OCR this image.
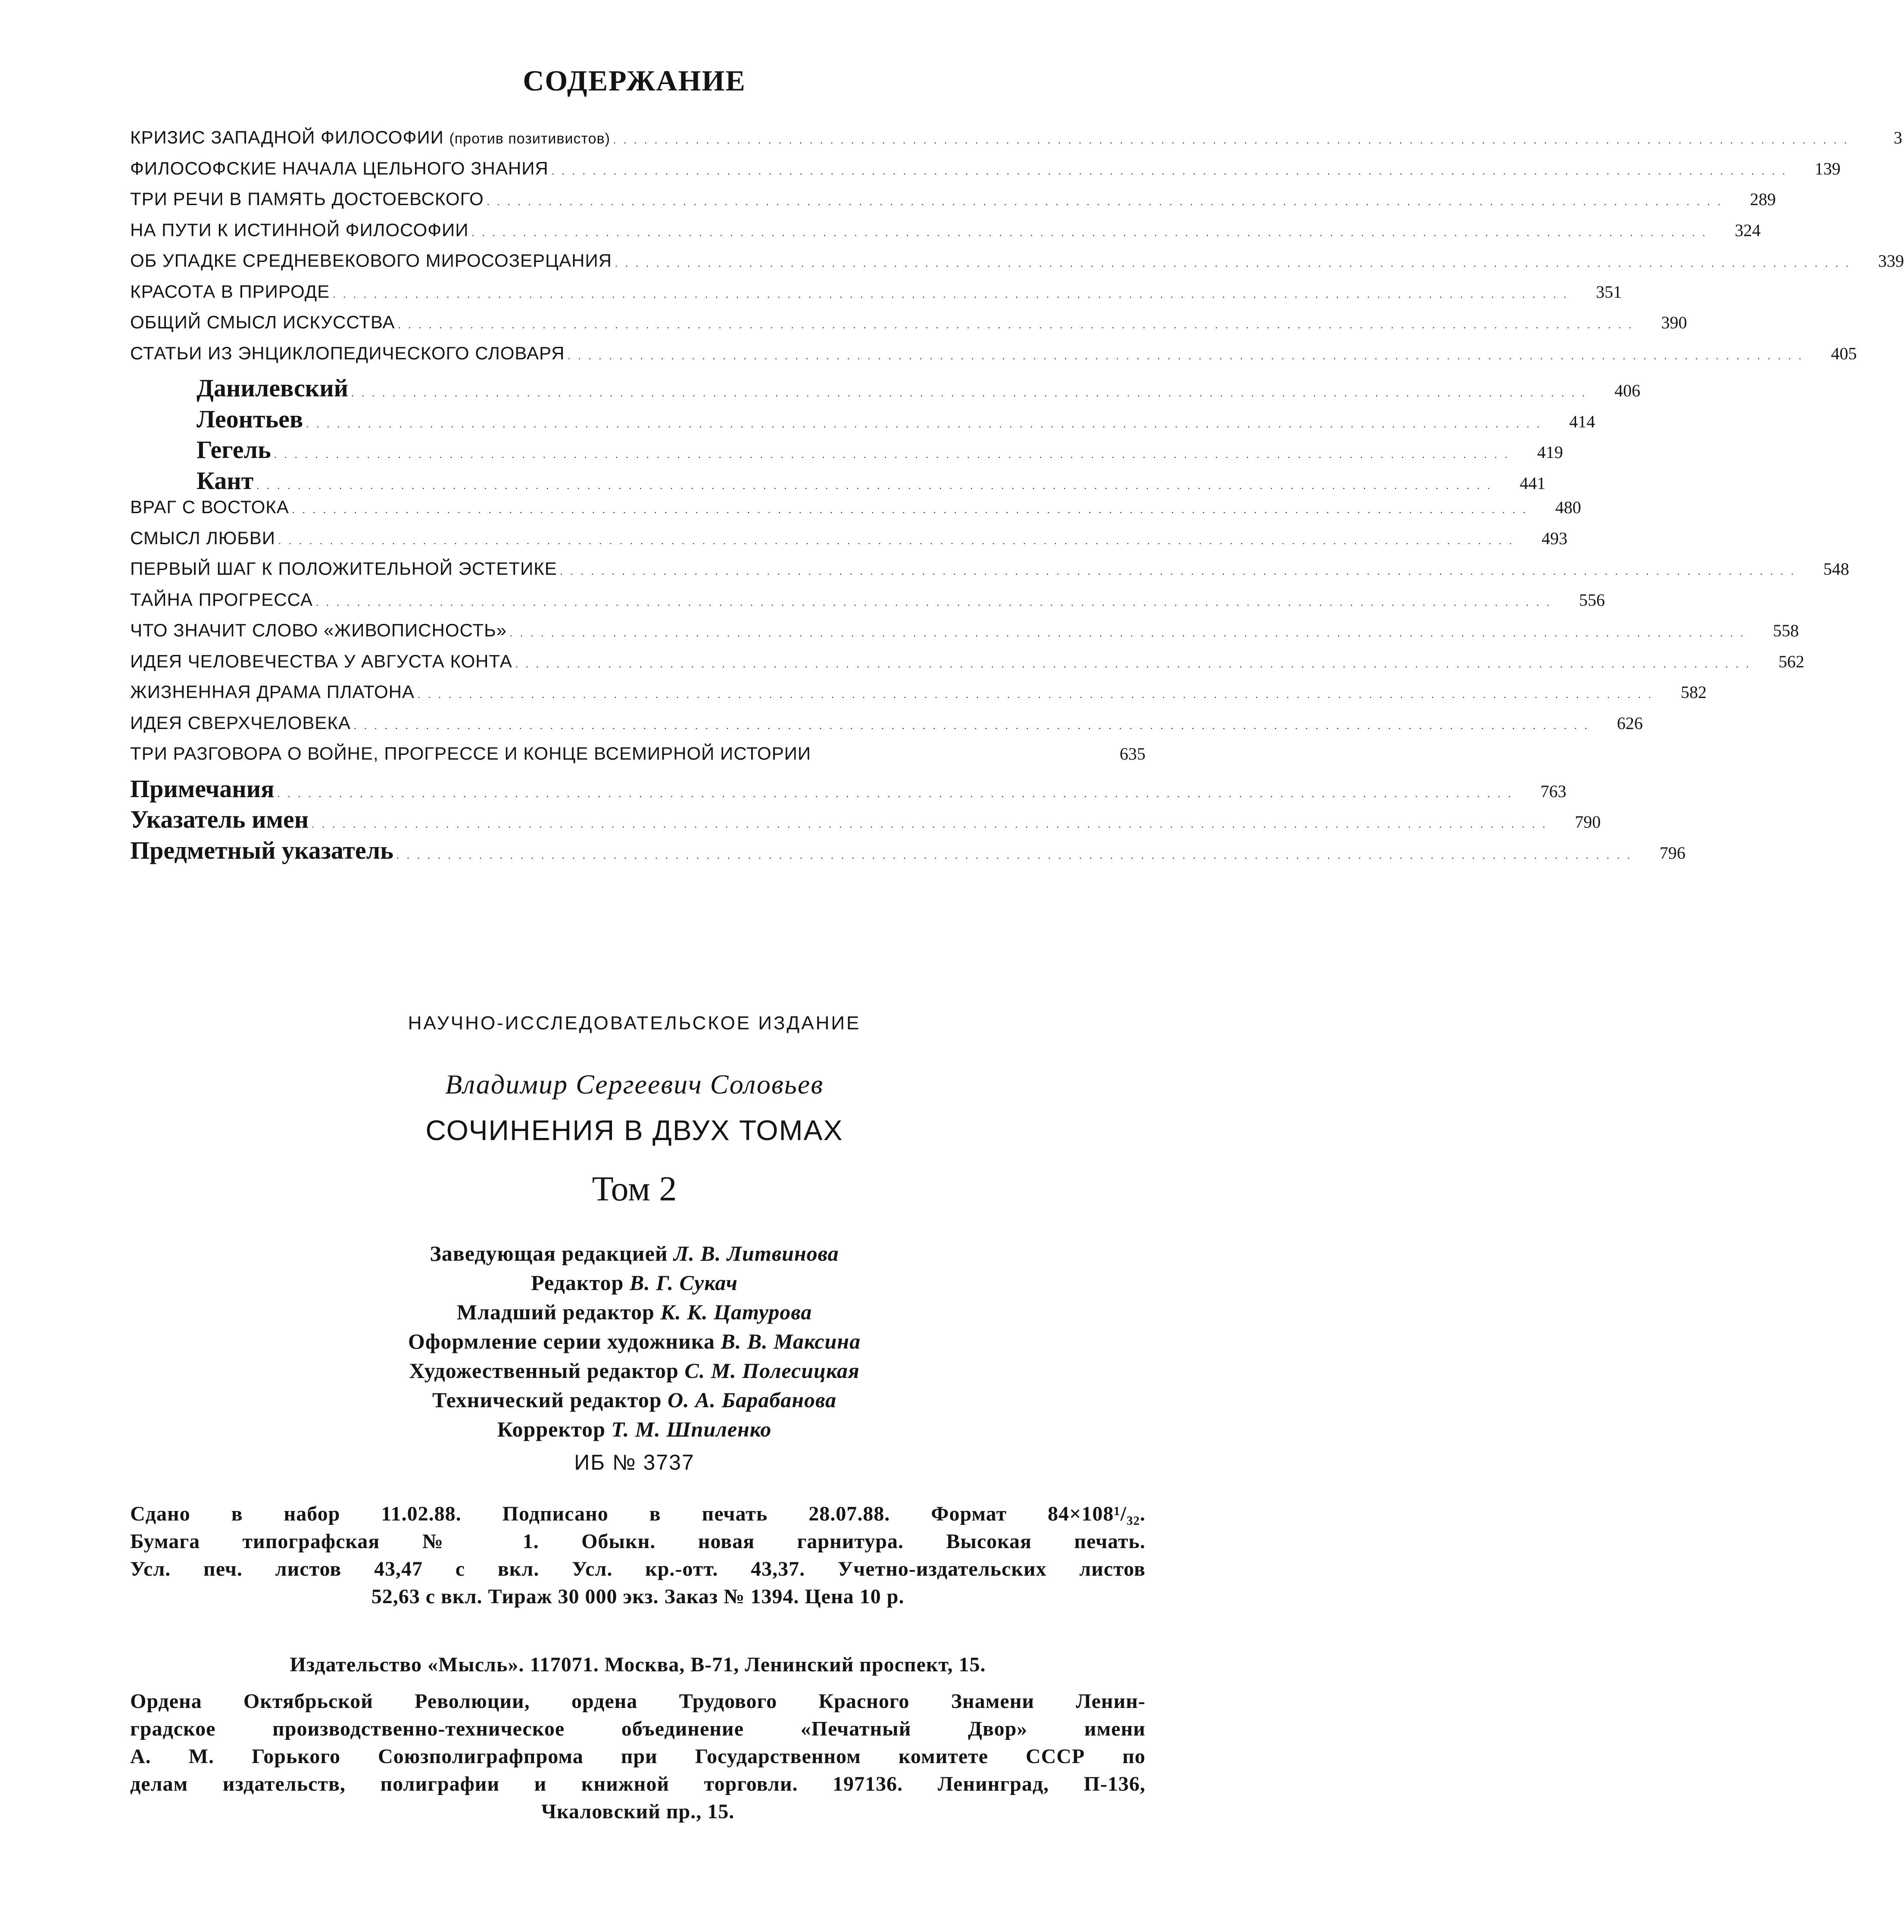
СОДЕРЖАНИЕ
КРИЗИС ЗАПАДНОЙ ФИЛОСОФИИ (против позитивистов) ........................................................................................................................	3
ФИЛОСОФСКИЕ НАЧАЛА ЦЕЛЬНОГО ЗНАНИЯ ........................................................................................................................	139
ТРИ РЕЧИ В ПАМЯТЬ ДОСТОЕВСКОГО ........................................................................................................................	289
НА ПУТИ К ИСТИННОЙ ФИЛОСОФИИ ........................................................................................................................	324
ОБ УПАДКЕ СРЕДНЕВЕКОВОГО МИРОСОЗЕРЦАНИЯ ........................................................................................................................	339
КРАСОТА В ПРИРОДЕ ........................................................................................................................	351
ОБЩИЙ СМЫСЛ ИСКУССТВА ........................................................................................................................	390
СТАТЬИ ИЗ ЭНЦИКЛОПЕДИЧЕСКОГО СЛОВАРЯ ........................................................................................................................	405
Данилевский ........................................................................................................................	406
Леонтьев ........................................................................................................................	414
Гегель ........................................................................................................................	419
Кант ........................................................................................................................	441
ВРАГ С ВОСТОКА ........................................................................................................................	480
СМЫСЛ ЛЮБВИ ........................................................................................................................	493
ПЕРВЫЙ ШАГ К ПОЛОЖИТЕЛЬНОЙ ЭСТЕТИКЕ ........................................................................................................................	548
ТАЙНА ПРОГРЕССА ........................................................................................................................	556
ЧТО ЗНАЧИТ СЛОВО «ЖИВОПИСНОСТЬ» ........................................................................................................................	558
ИДЕЯ ЧЕЛОВЕЧЕСТВА У АВГУСТА КОНТА ........................................................................................................................	562
ЖИЗНЕННАЯ ДРАМА ПЛАТОНА ........................................................................................................................	582
ИДЕЯ СВЕРХЧЕЛОВЕКА ........................................................................................................................	626
ТРИ РАЗГОВОРА О ВОЙНЕ, ПРОГРЕССЕ И КОНЦЕ ВСЕМИРНОЙ ИСТОРИИ	635
Примечания ........................................................................................................................	763
Указатель имен ........................................................................................................................	790
Предметный указатель ........................................................................................................................	796
НАУЧНО-ИССЛЕДОВАТЕЛЬСКОЕ ИЗДАНИЕ
Владимир Сергеевич Соловьев
СОЧИНЕНИЯ В ДВУХ ТОМАХ
Том 2
Заведующая редакцией Л. В. Литвинова
Редактор В. Г. Сукач
Младший редактор К. К. Цатурова
Оформление серии художника В. В. Максина
Художественный редактор С. М. Полесицкая
Технический редактор О. А. Барабанова
Корректор Т. М. Шпиленко
ИБ № 3737
Сдано в набор 11.02.88. Подписано в печать 28.07.88. Формат 84×108¹/₃₂.
Бумага типографская № 1. Обыкн. новая гарнитура. Высокая печать.
Усл. печ. листов 43,47 с вкл. Усл. кр.-отт. 43,37. Учетно-издательских листов
52,63 с вкл. Тираж 30 000 экз. Заказ № 1394. Цена 10 р.
Издательство «Мысль». 117071. Москва, В-71, Ленинский проспект, 15.
Ордена Октябрьской Революции, ордена Трудового Красного Знамени Ленин-
градское производственно-техническое объединение «Печатный Двор» имени
А. М. Горького Союзполиграфпрома при Государственном комитете СССР по
делам издательств, полиграфии и книжной торговли. 197136. Ленинград, П-136,
Чкаловский пр., 15.
